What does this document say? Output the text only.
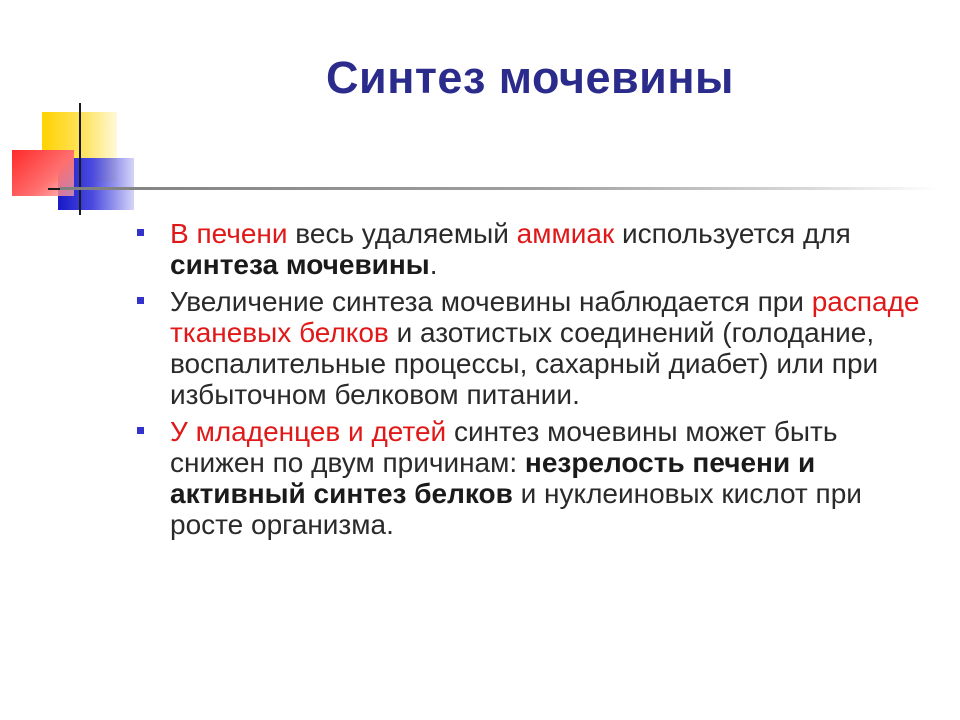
Синтез мочевины
В печени весь удаляемый аммиак используется для синтеза мочевины.
Увеличение синтеза мочевины наблюдается при распаде тканевых белков и азотистых соединений (голодание, воспалительные процессы, сахарный диабет) или при избыточном белковом питании.
У младенцев и детей синтез мочевины может быть снижен по двум причинам: незрелость печени и активный синтез белков и нуклеиновых кислот при росте организма.
